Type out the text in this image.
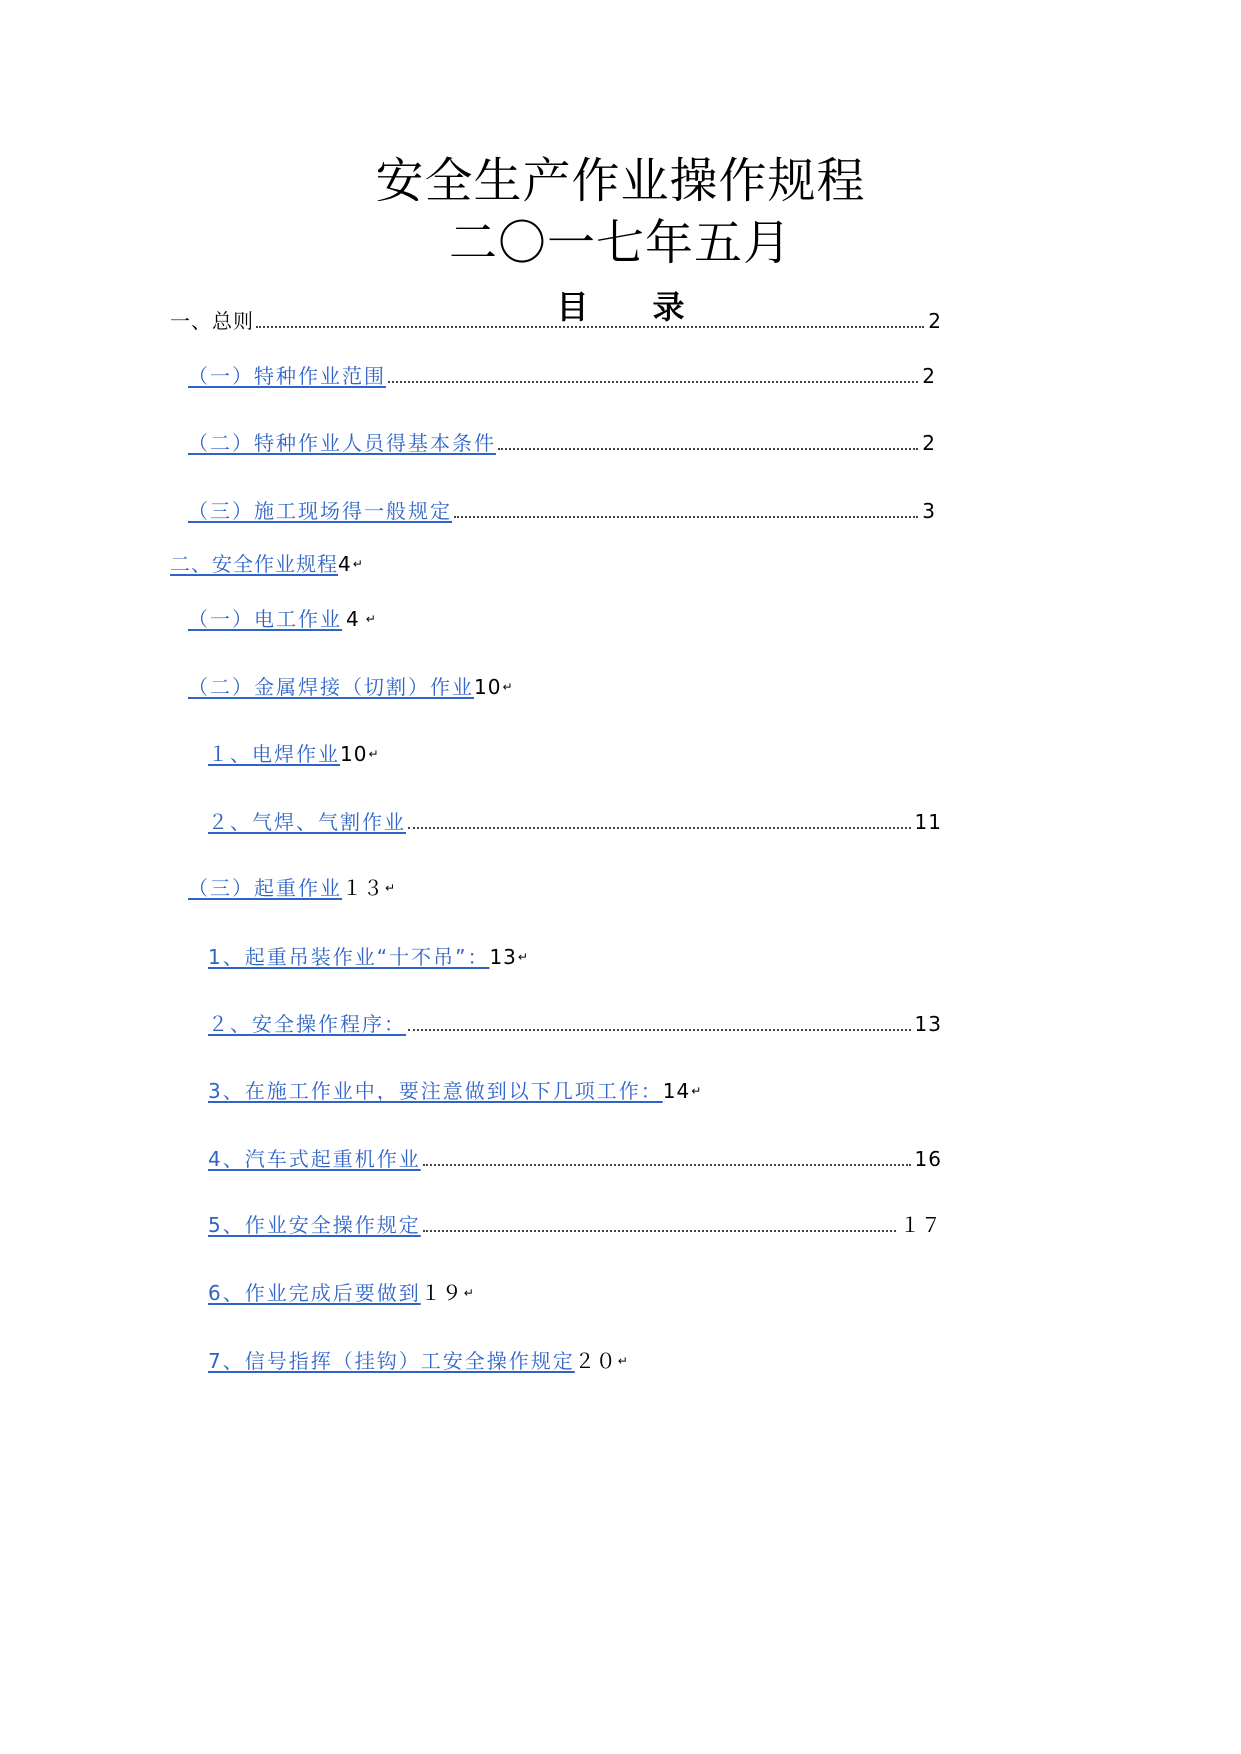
安全生产作业操作规程
二〇一七年五月
目 录
一、总则	2
（一）特种作业范围	2
（二）特种作业人员得基本条件	2
（三）施工现场得一般规定	3
二、安全作业规程 4 ↵
（一）电工作业 4 ↵
（二）金属焊接（切割）作业 10 ↵
１、电焊作业 10 ↵
２、气焊、气割作业	11
（三）起重作业 １３ ↵
1、起重吊装作业“十不吊”： 13 ↵
２、安全操作程序：	13
3、在施工作业中，要注意做到以下几项工作： 14 ↵
4、汽车式起重机作业	16
5、作业安全操作规定	１７
6、作业完成后要做到 １９ ↵
7、信号指挥（挂钩）工安全操作规定 ２０ ↵
